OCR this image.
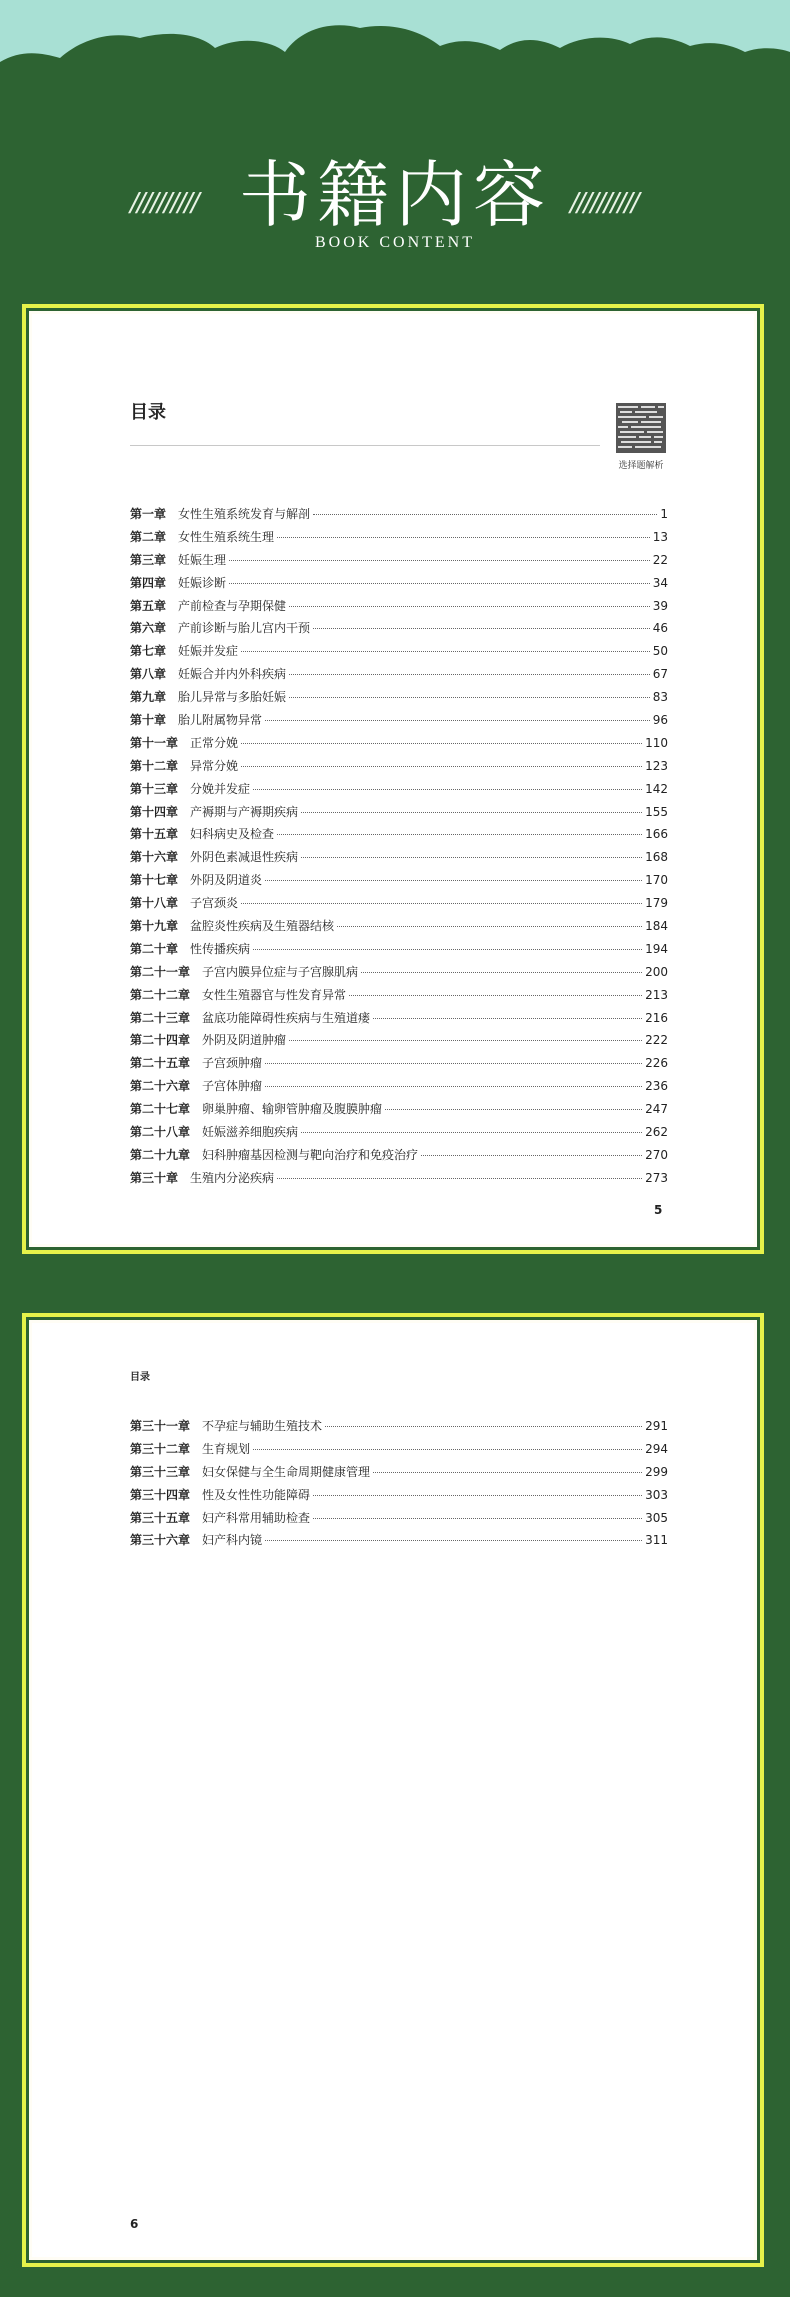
////////// 书籍内容
BOOK CONTENT
//////////
目录
选择题解析
第一章 女性生殖系统发育与解剖	1
第二章 女性生殖系统生理	13
第三章 妊娠生理	22
第四章 妊娠诊断	34
第五章 产前检查与孕期保健	39
第六章 产前诊断与胎儿宫内干预	46
第七章 妊娠并发症	50
第八章 妊娠合并内外科疾病	67
第九章 胎儿异常与多胎妊娠	83
第十章 胎儿附属物异常	96
第十一章 正常分娩	110
第十二章 异常分娩	123
第十三章 分娩并发症	142
第十四章 产褥期与产褥期疾病	155
第十五章 妇科病史及检查	166
第十六章 外阴色素减退性疾病	168
第十七章 外阴及阴道炎	170
第十八章 子宫颈炎	179
第十九章 盆腔炎性疾病及生殖器结核	184
第二十章 性传播疾病	194
第二十一章 子宫内膜异位症与子宫腺肌病	200
第二十二章 女性生殖器官与性发育异常	213
第二十三章 盆底功能障碍性疾病与生殖道瘘	216
第二十四章 外阴及阴道肿瘤	222
第二十五章 子宫颈肿瘤	226
第二十六章 子宫体肿瘤	236
第二十七章 卵巢肿瘤、输卵管肿瘤及腹膜肿瘤	247
第二十八章 妊娠滋养细胞疾病	262
第二十九章 妇科肿瘤基因检测与靶向治疗和免疫治疗	270
第三十章 生殖内分泌疾病	273
5
目录
第三十一章 不孕症与辅助生殖技术	291
第三十二章 生育规划	294
第三十三章 妇女保健与全生命周期健康管理	299
第三十四章 性及女性性功能障碍	303
第三十五章 妇产科常用辅助检查	305
第三十六章 妇产科内镜	311
6
